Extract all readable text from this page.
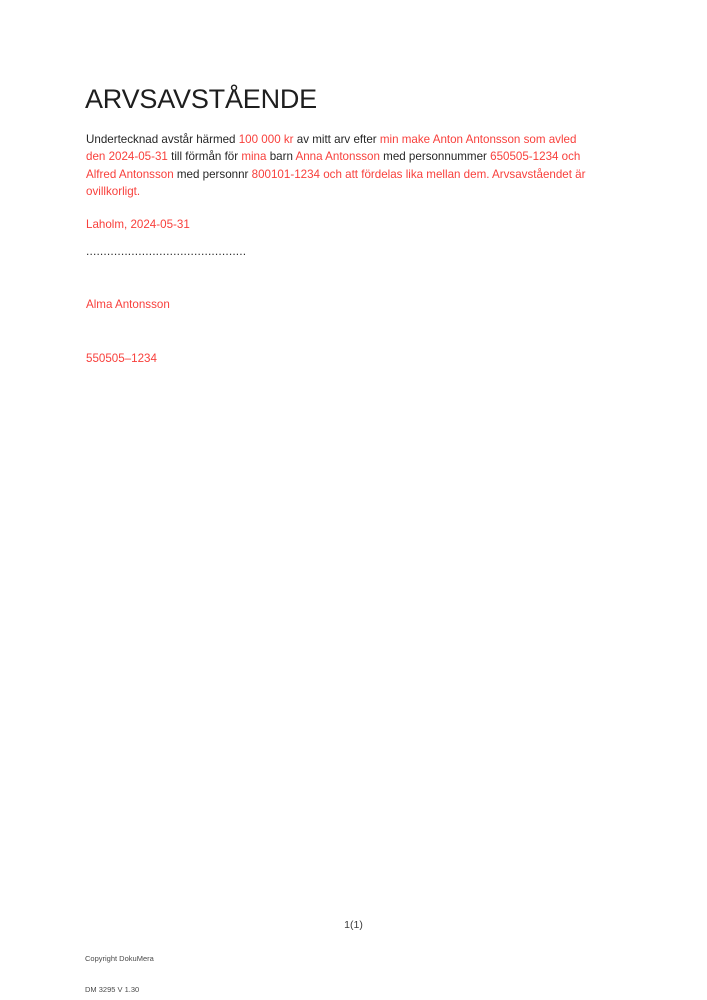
ARVSAVSTÅENDE
Undertecknad avstår härmed 100 000 kr av mitt arv efter min make Anton Antonsson som avled
den 2024-05-31 till förmån för mina barn Anna Antonsson med personnummer 650505-1234 och
Alfred Antonsson med personnr 800101-1234 och att fördelas lika mellan dem. Arvsavståendet är
ovillkorligt.
Laholm, 2024-05-31
..............................................

Alma Antonsson

550505–1234

1(1)

Copyright DokuMera

DM 3295 V 1.30
